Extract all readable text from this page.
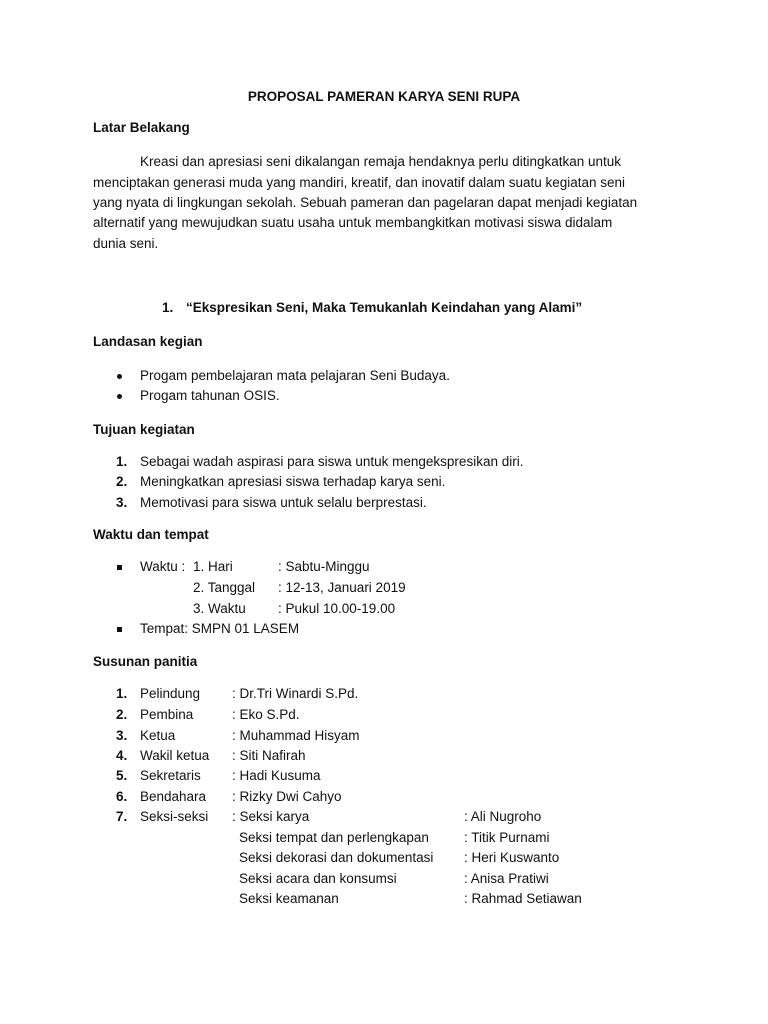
PROPOSAL PAMERAN KARYA SENI RUPA
Latar Belakang
Kreasi dan apresiasi seni dikalangan remaja hendaknya perlu ditingkatkan untuk
menciptakan generasi muda yang mandiri, kreatif, dan inovatif dalam suatu kegiatan seni
yang nyata di lingkungan sekolah. Sebuah pameran dan pagelaran dapat menjadi kegiatan
alternatif yang mewujudkan suatu usaha untuk membangkitkan motivasi siswa didalam
dunia seni.
1. “Ekspresikan Seni, Maka Temukanlah Keindahan yang Alami”
Landasan kegian
Progam pembelajaran mata pelajaran Seni Budaya.
Progam tahunan OSIS.
Tujuan kegiatan
1. Sebagai wadah aspirasi para siswa untuk mengekspresikan diri.
2. Meningkatkan apresiasi siswa terhadap karya seni.
3. Memotivasi para siswa untuk selalu berprestasi.
Waktu dan tempat
Waktu : 1. Hari	: Sabtu-Minggu
2. Tanggal : 12-13, Januari 2019
3. Waktu : Pukul 10.00-19.00
Tempat: SMPN 01 LASEM
Susunan panitia
1. Pelindung : Dr.Tri Winardi S.Pd.
2. Pembina	: Eko S.Pd.
3. Ketua	: Muhammad Hisyam
4. Wakil ketua : Siti Nafirah
5. Sekretaris : Hadi Kusuma
6. Bendahara : Rizky Dwi Cahyo
7. Seksi-seksi : Seksi karya	: Ali Nugroho
Seksi tempat dan perlengkapan	: Titik Purnami
Seksi dekorasi dan dokumentasi : Heri Kuswanto
Seksi acara dan konsumsi	: Anisa Pratiwi
Seksi keamanan	: Rahmad Setiawan
